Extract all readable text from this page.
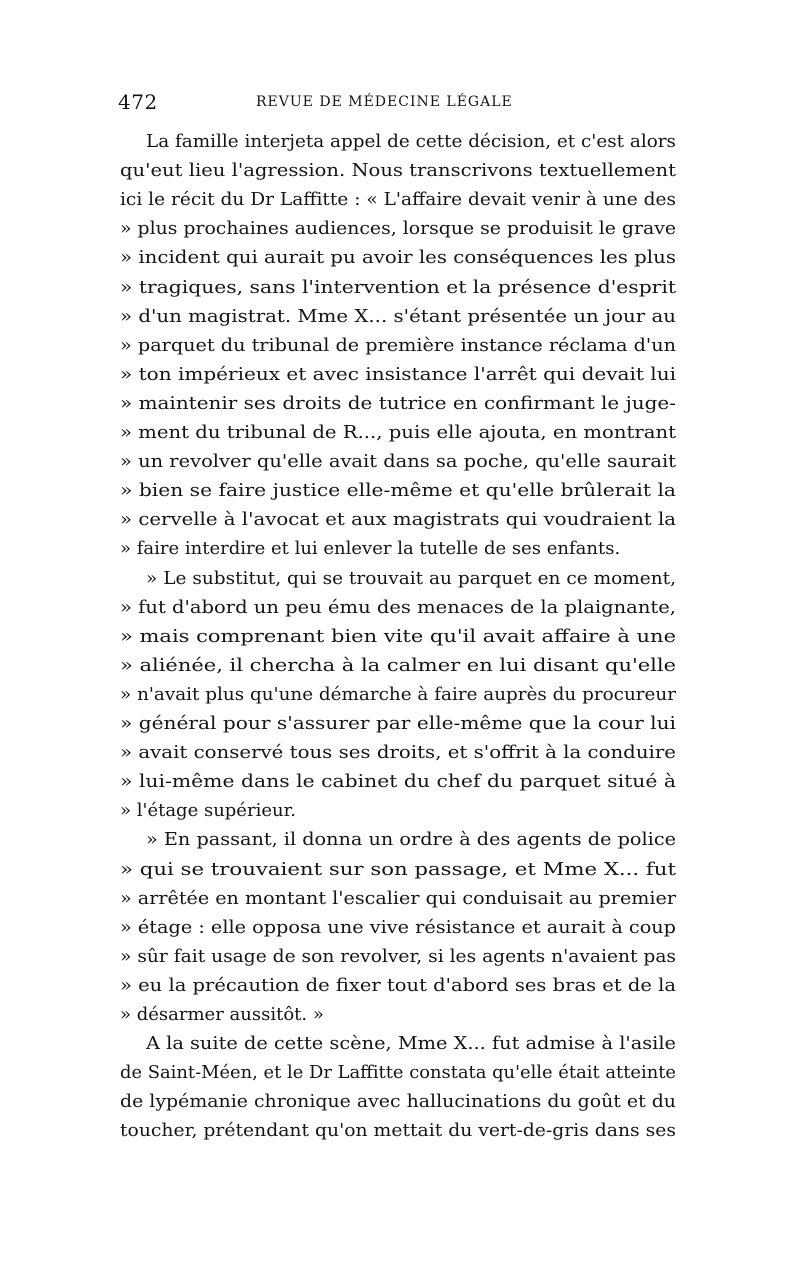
472	REVUE DE MÉDECINE LÉGALE
La famille interjeta appel de cette décision, et c'est alors
qu'eut lieu l'agression. Nous transcrivons textuellement
ici le récit du Dr Laffitte : « L'affaire devait venir à une des
» plus prochaines audiences, lorsque se produisit le grave
» incident qui aurait pu avoir les conséquences les plus
» tragiques, sans l'intervention et la présence d'esprit
» d'un magistrat. Mme X... s'étant présentée un jour au
» parquet du tribunal de première instance réclama d'un
» ton impérieux et avec insistance l'arrêt qui devait lui
» maintenir ses droits de tutrice en confirmant le juge-
» ment du tribunal de R..., puis elle ajouta, en montrant
» un revolver qu'elle avait dans sa poche, qu'elle saurait
» bien se faire justice elle-même et qu'elle brûlerait la
» cervelle à l'avocat et aux magistrats qui voudraient la
» faire interdire et lui enlever la tutelle de ses enfants.
» Le substitut, qui se trouvait au parquet en ce moment,
» fut d'abord un peu ému des menaces de la plaignante,
» mais comprenant bien vite qu'il avait affaire à une
» aliénée, il chercha à la calmer en lui disant qu'elle
» n'avait plus qu'une démarche à faire auprès du procureur
» général pour s'assurer par elle-même que la cour lui
» avait conservé tous ses droits, et s'offrit à la conduire
» lui-même dans le cabinet du chef du parquet situé à
» l'étage supérieur.
» En passant, il donna un ordre à des agents de police
» qui se trouvaient sur son passage, et Mme X... fut
» arrêtée en montant l'escalier qui conduisait au premier
» étage : elle opposa une vive résistance et aurait à coup
» sûr fait usage de son revolver, si les agents n'avaient pas
» eu la précaution de fixer tout d'abord ses bras et de la
» désarmer aussitôt. »
A la suite de cette scène, Mme X... fut admise à l'asile
de Saint-Méen, et le Dr Laffitte constata qu'elle était atteinte
de lypémanie chronique avec hallucinations du goût et du
toucher, prétendant qu'on mettait du vert-de-gris dans ses
